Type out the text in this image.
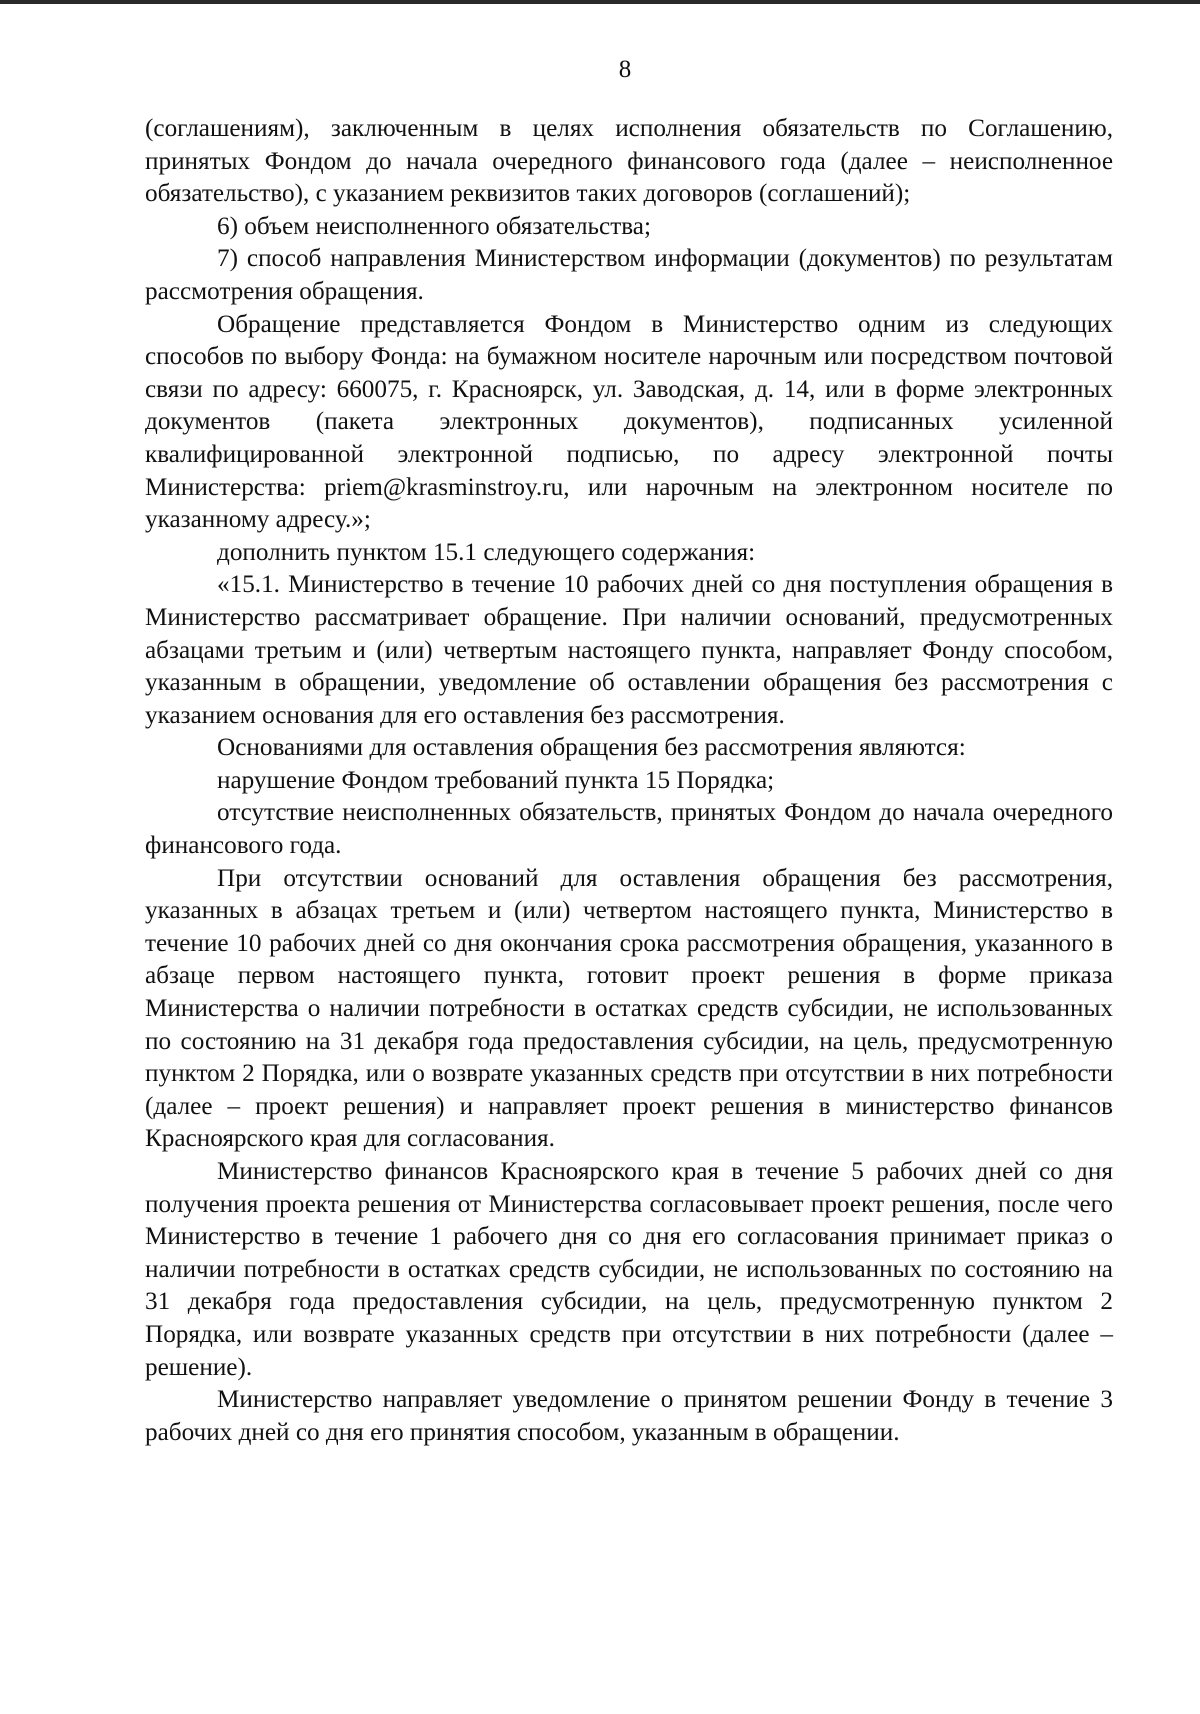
8

(соглашениям), заключенным в целях исполнения обязательств по Соглашению, принятых Фондом до начала очередного финансового года (далее – неисполненное обязательство), с указанием реквизитов таких договоров (соглашений);

6) объем неисполненного обязательства;

7) способ направления Министерством информации (документов) по результатам рассмотрения обращения.

Обращение представляется Фондом в Министерство одним из следующих способов по выбору Фонда: на бумажном носителе нарочным или посредством почтовой связи по адресу: 660075, г. Красноярск, ул. Заводская, д. 14, или в форме электронных документов (пакета электронных документов), подписанных усиленной квалифицированной электронной подписью, по адресу электронной почты Министерства: priem@krasminstroy.ru, или нарочным на электронном носителе по указанному адресу.»;

дополнить пунктом 15.1 следующего содержания:

«15.1. Министерство в течение 10 рабочих дней со дня поступления обращения в Министерство рассматривает обращение. При наличии оснований, предусмотренных абзацами третьим и (или) четвертым настоящего пункта, направляет Фонду способом, указанным в обращении, уведомление об оставлении обращения без рассмотрения с указанием основания для его оставления без рассмотрения.

Основаниями для оставления обращения без рассмотрения являются:

нарушение Фондом требований пункта 15 Порядка;

отсутствие неисполненных обязательств, принятых Фондом до начала очередного финансового года.

При отсутствии оснований для оставления обращения без рассмотрения, указанных в абзацах третьем и (или) четвертом настоящего пункта, Министерство в течение 10 рабочих дней со дня окончания срока рассмотрения обращения, указанного в абзаце первом настоящего пункта, готовит проект решения в форме приказа Министерства о наличии потребности в остатках средств субсидии, не использованных по состоянию на 31 декабря года предоставления субсидии, на цель, предусмотренную пунктом 2 Порядка, или о возврате указанных средств при отсутствии в них потребности (далее – проект решения) и направляет проект решения в министерство финансов Красноярского края для согласования.

Министерство финансов Красноярского края в течение 5 рабочих дней со дня получения проекта решения от Министерства согласовывает проект решения, после чего Министерство в течение 1 рабочего дня со дня его согласования принимает приказ о наличии потребности в остатках средств субсидии, не использованных по состоянию на 31 декабря года предоставления субсидии, на цель, предусмотренную пунктом 2 Порядка, или возврате указанных средств при отсутствии в них потребности (далее – решение).

Министерство направляет уведомление о принятом решении Фонду в течение 3 рабочих дней со дня его принятия способом, указанным в обращении.
